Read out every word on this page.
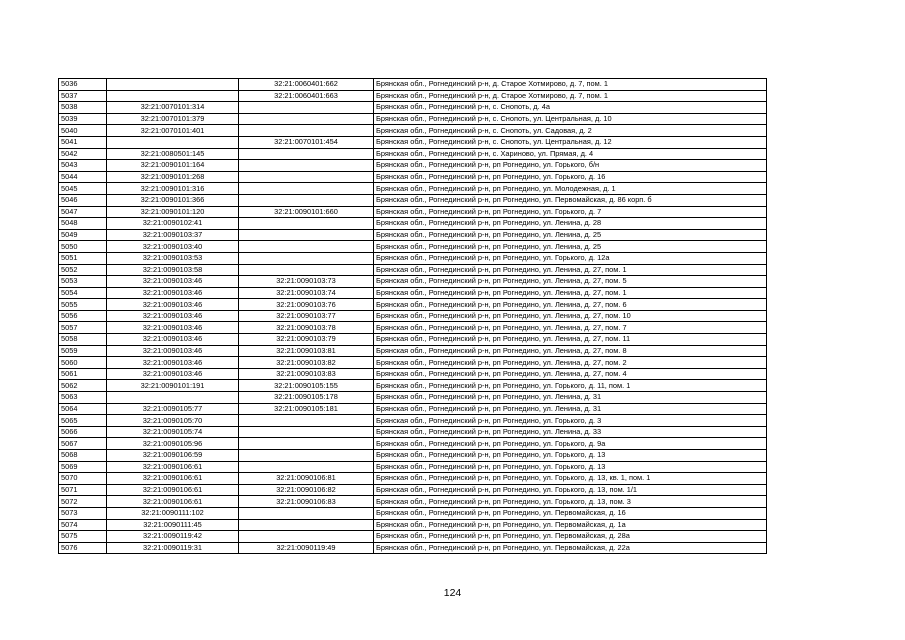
5036		32:21:0060401:662	Брянская обл., Рогнединский р-н, д. Старое Хотмирово, д. 7, пом. 1
5037		32:21:0060401:663	Брянская обл., Рогнединский р-н, д. Старое Хотмирово, д. 7, пом. 1
5038	32:21:0070101:314		Брянская обл., Рогнединский р-н, с. Снопоть, д. 4а
5039	32:21:0070101:379		Брянская обл., Рогнединский р-н, с. Снопоть, ул. Центральная, д. 10
5040	32:21:0070101:401		Брянская обл., Рогнединский р-н, с. Снопоть, ул. Садовая, д. 2
5041		32:21:0070101:454	Брянская обл., Рогнединский р-н, с. Снопоть, ул. Центральная, д. 12
5042	32:21:0080501:145		Брянская обл., Рогнединский р-н, с. Хариново, ул. Прямая, д. 4
5043	32:21:0090101:164		Брянская обл., Рогнединский р-н, рп Рогнедино, ул. Горького, б/н
5044	32:21:0090101:268		Брянская обл., Рогнединский р-н, рп Рогнедино, ул. Горького, д. 16
5045	32:21:0090101:316		Брянская обл., Рогнединский р-н, рп Рогнедино, ул. Молодежная, д. 1
5046	32:21:0090101:366		Брянская обл., Рогнединский р-н, рп Рогнедино, ул. Первомайская, д. 86 корп. б
5047	32:21:0090101:120	32:21:0090101:660	Брянская обл., Рогнединский р-н, рп Рогнедино, ул. Горького, д. 7
5048	32:21:0090102:41		Брянская обл., Рогнединский р-н, рп Рогнедино, ул. Ленина, д. 28
5049	32:21:0090103:37		Брянская обл., Рогнединский р-н, рп Рогнедино, ул. Ленина, д. 25
5050	32:21:0090103:40		Брянская обл., Рогнединский р-н, рп Рогнедино, ул. Ленина, д. 25
5051	32:21:0090103:53		Брянская обл., Рогнединский р-н, рп Рогнедино, ул. Горького, д. 12а
5052	32:21:0090103:58		Брянская обл., Рогнединский р-н, рп Рогнедино, ул. Ленина, д. 27, пом. 1
5053	32:21:0090103:46	32:21:0090103:73	Брянская обл., Рогнединский р-н, рп Рогнедино, ул. Ленина, д. 27, пом. 5
5054	32:21:0090103:46	32:21:0090103:74	Брянская обл., Рогнединский р-н, рп Рогнедино, ул. Ленина, д. 27, пом. 1
5055	32:21:0090103:46	32:21:0090103:76	Брянская обл., Рогнединский р-н, рп Рогнедино, ул. Ленина, д. 27, пом. 6
5056	32:21:0090103:46	32:21:0090103:77	Брянская обл., Рогнединский р-н, рп Рогнедино, ул. Ленина, д. 27, пом. 10
5057	32:21:0090103:46	32:21:0090103:78	Брянская обл., Рогнединский р-н, рп Рогнедино, ул. Ленина, д. 27, пом. 7
5058	32:21:0090103:46	32:21:0090103:79	Брянская обл., Рогнединский р-н, рп Рогнедино, ул. Ленина, д. 27, пом. 11
5059	32:21:0090103:46	32:21:0090103:81	Брянская обл., Рогнединский р-н, рп Рогнедино, ул. Ленина, д. 27, пом. 8
5060	32:21:0090103:46	32:21:0090103:82	Брянская обл., Рогнединский р-н, рп Рогнедино, ул. Ленина, д. 27, пом. 2
5061	32:21:0090103:46	32:21:0090103:83	Брянская обл., Рогнединский р-н, рп Рогнедино, ул. Ленина, д. 27, пом. 4
5062	32:21:0090101:191	32:21:0090105:155	Брянская обл., Рогнединский р-н, рп Рогнедино, ул. Горького, д. 11, пом. 1
5063		32:21:0090105:178	Брянская обл., Рогнединский р-н, рп Рогнедино, ул. Ленина, д. 31
5064	32:21:0090105:77	32:21:0090105:181	Брянская обл., Рогнединский р-н, рп Рогнедино, ул. Ленина, д. 31
5065	32:21:0090105:70		Брянская обл., Рогнединский р-н, рп Рогнедино, ул. Горького, д. 3
5066	32:21:0090105:74		Брянская обл., Рогнединский р-н, рп Рогнедино, ул. Ленина, д. 33
5067	32:21:0090105:96		Брянская обл., Рогнединский р-н, рп Рогнедино, ул. Горького, д. 9а
5068	32:21:0090106:59		Брянская обл., Рогнединский р-н, рп Рогнедино, ул. Горького, д. 13
5069	32:21:0090106:61		Брянская обл., Рогнединский р-н, рп Рогнедино, ул. Горького, д. 13
5070	32:21:0090106:61	32:21:0090106:81	Брянская обл., Рогнединский р-н, рп Рогнедино, ул. Горького, д. 13, кв. 1, пом. 1
5071	32:21:0090106:61	32:21:0090106:82	Брянская обл., Рогнединский р-н, рп Рогнедино, ул. Горького, д. 13, пом. 1/1
5072	32:21:0090106:61	32:21:0090106:83	Брянская обл., Рогнединский р-н, рп Рогнедино, ул. Горького, д. 13, пом. 3
5073	32:21:0090111:102		Брянская обл., Рогнединский р-н, рп Рогнедино, ул. Первомайская, д. 16
5074	32:21:0090111:45		Брянская обл., Рогнединский р-н, рп Рогнедино, ул. Первомайская, д. 1а
5075	32:21:0090119:42		Брянская обл., Рогнединский р-н, рп Рогнедино, ул. Первомайская, д. 28а
5076	32:21:0090119:31	32:21:0090119:49	Брянская обл., Рогнединский р-н, рп Рогнедино, ул. Первомайская, д. 22а
124
